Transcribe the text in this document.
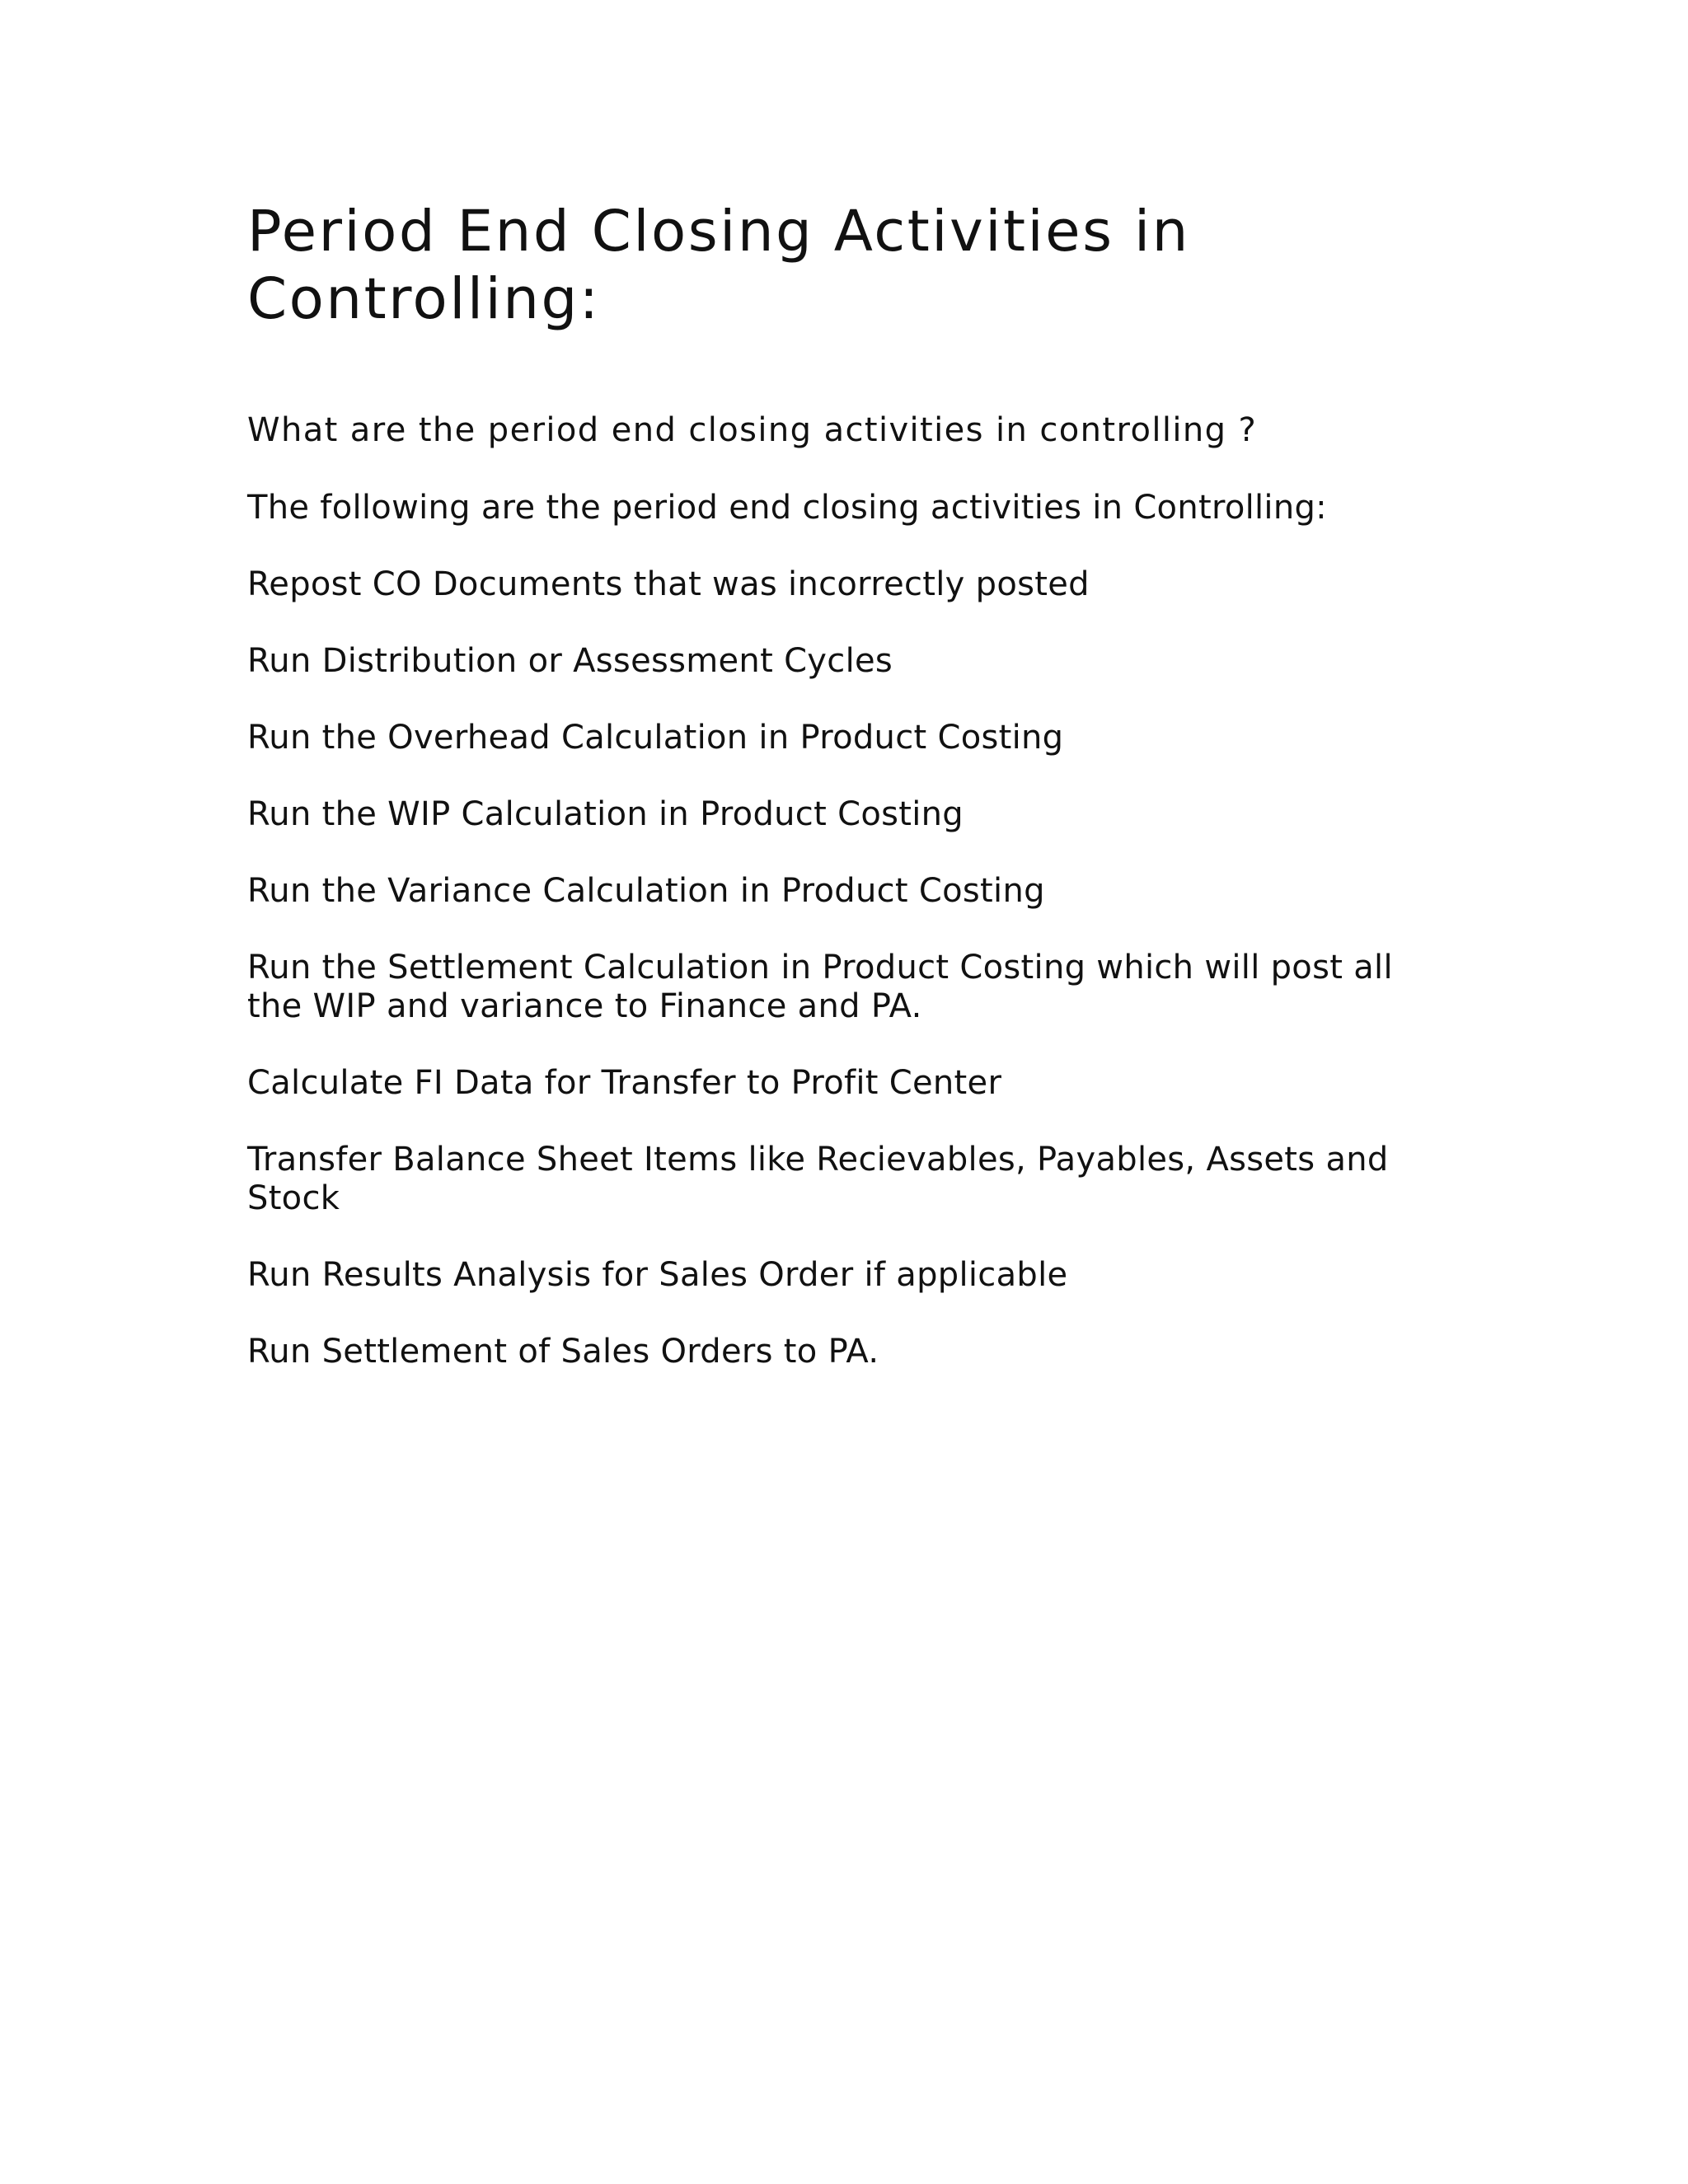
Period End Closing Activities in Controlling:

What are the period end closing activities in controlling ?

The following are the period end closing activities in Controlling:

Repost CO Documents that was incorrectly posted
Run Distribution or Assessment Cycles
Run the Overhead Calculation in Product Costing
Run the WIP Calculation in Product Costing
Run the Variance Calculation in Product Costing
Run the Settlement Calculation in Product Costing which will post all the WIP and variance to Finance and PA.
Calculate FI Data for Transfer to Profit Center
Transfer Balance Sheet Items like Recievables, Payables, Assets and Stock
Run Results Analysis for Sales Order if applicable
Run Settlement of Sales Orders to PA.
